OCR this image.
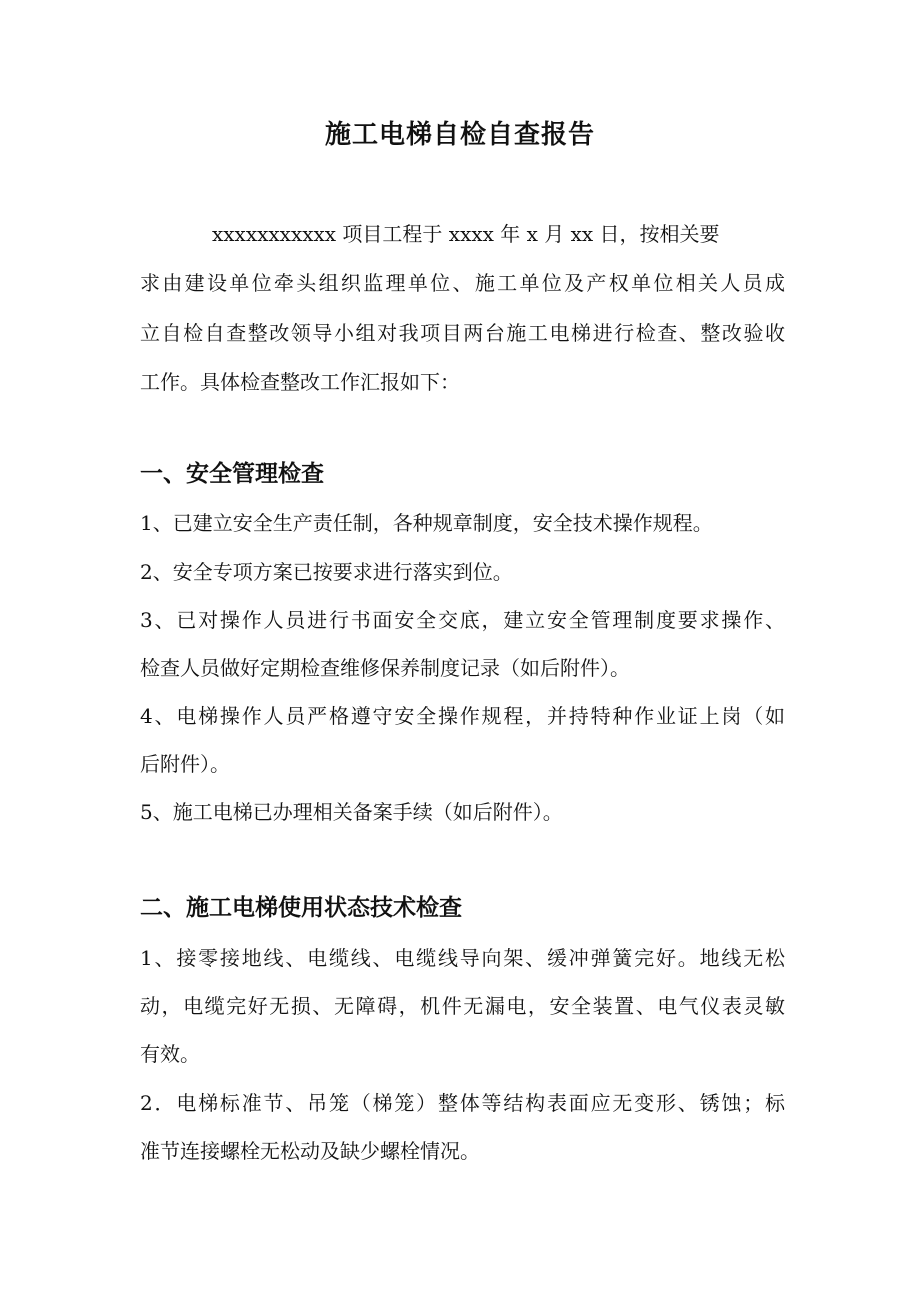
施工电梯自检自查报告
xxxxxxxxxxx 项目工程于 xxxx 年 x 月 xx 日，按相关要
求由建设单位牵头组织监理单位、施工单位及产权单位相关人员成
立自检自查整改领导小组对我项目两台施工电梯进行检查、整改验收
工作。具体检查整改工作汇报如下：
一、安全管理检查
1、已建立安全生产责任制，各种规章制度，安全技术操作规程。
2、安全专项方案已按要求进行落实到位。
3、已对操作人员进行书面安全交底，建立安全管理制度要求操作、
检查人员做好定期检查维修保养制度记录（如后附件）。
4、电梯操作人员严格遵守安全操作规程，并持特种作业证上岗（如
后附件）。
5、施工电梯已办理相关备案手续（如后附件）。
二、施工电梯使用状态技术检查
1、接零接地线、电缆线、电缆线导向架、缓冲弹簧完好。地线无松
动，电缆完好无损、无障碍，机件无漏电，安全装置、电气仪表灵敏
有效。
2．电梯标准节、吊笼（梯笼）整体等结构表面应无变形、锈蚀；标
准节连接螺栓无松动及缺少螺栓情况。
